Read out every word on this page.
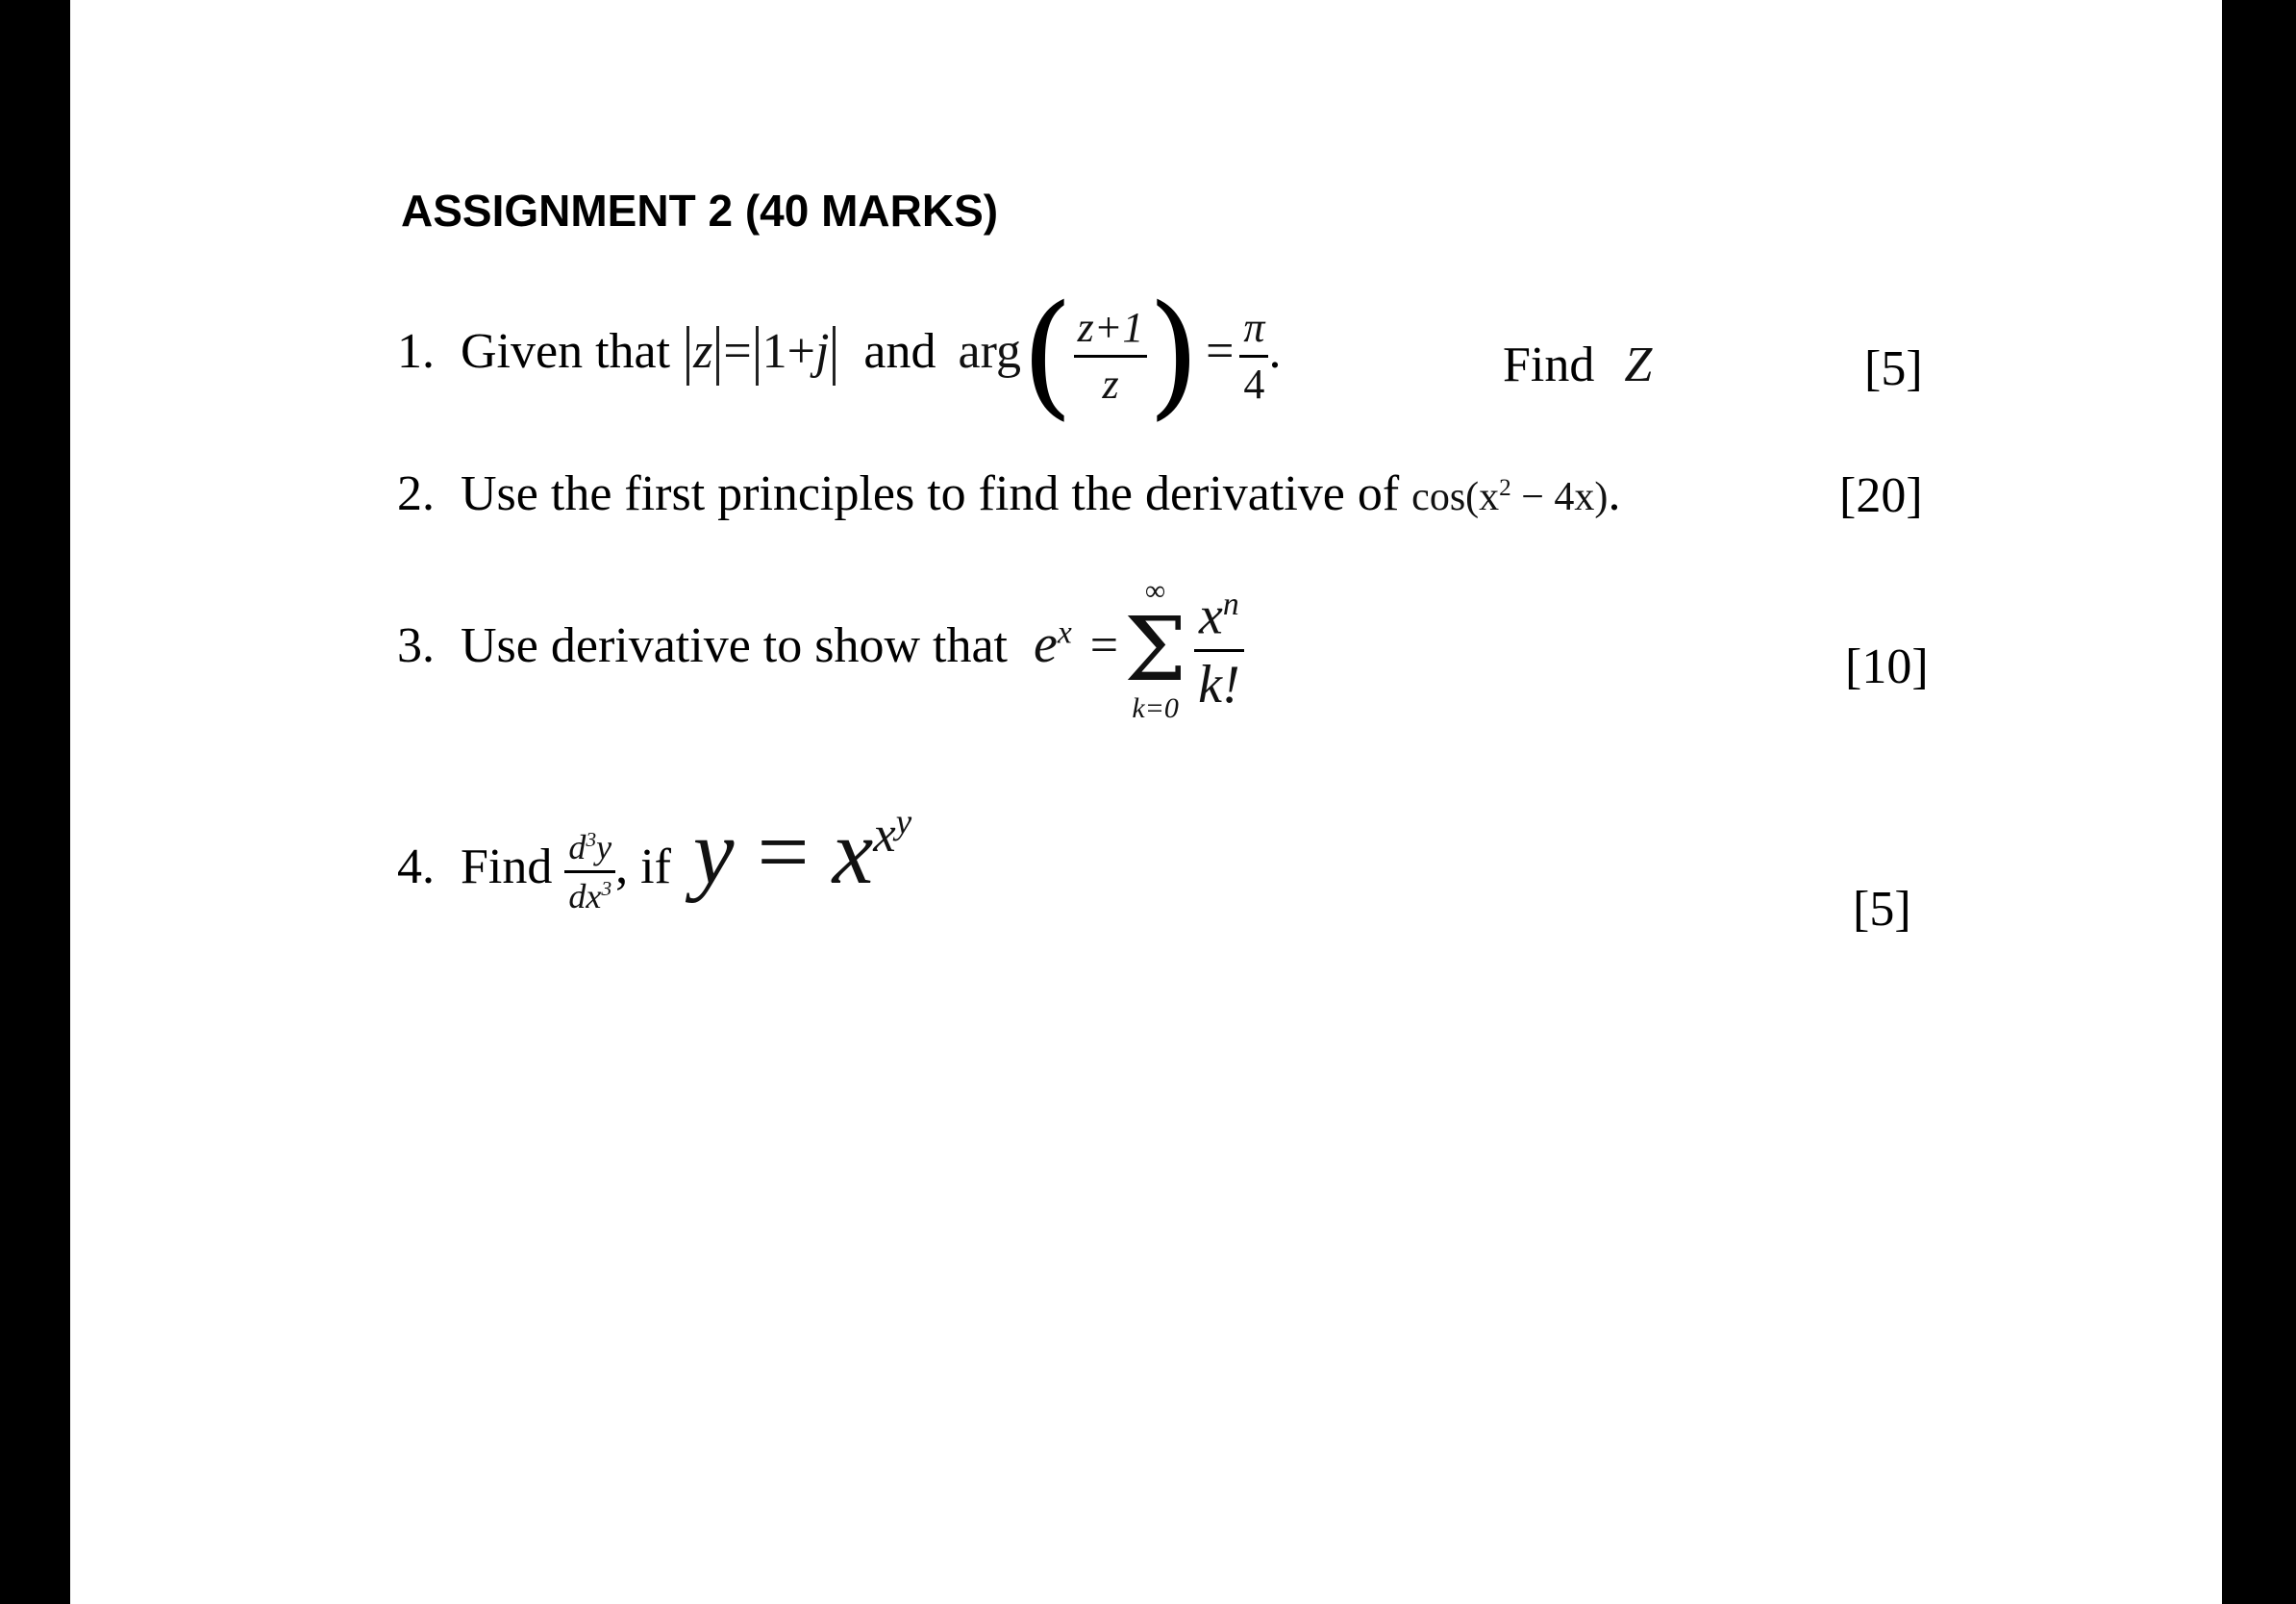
ASSIGNMENT 2 (40 MARKS)
1. Given that z = 1+j and $arg( \frac{z+1}{z}$ ) = $\frac{\pi}{4}$ .	Find Z	[5]
2. Use the first principles to find the derivative of $\cos(x^2 - 4x)$.	[20]
3. Use derivative to show that $e^x$ =
∞
Σ
$k=0 \frac{x^n}{k!}$	[10]
4. Find $\frac{d^3y}{dx^3}$ , if $y = x^{x^y}$
[5]
